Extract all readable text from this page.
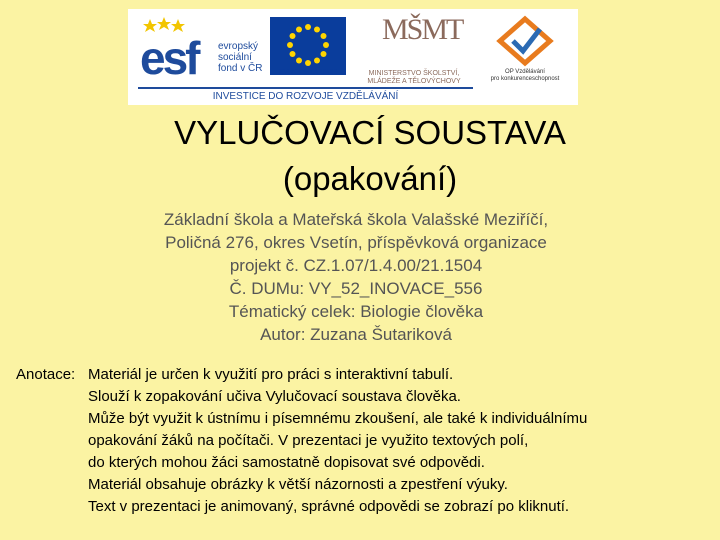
esf evropský
sociální
fond v ČR	EVROPSKÁ UNIE
MŠMT
MINISTERSTVO ŠKOLSTVÍ,
MLÁDEŽE A TĚLOVÝCHOVY
OP Vzdělávání
pro konkurenceschopnost
INVESTICE DO ROZVOJE VZDĚLÁVÁNÍ
VYLUČOVACÍ SOUSTAVA
(opakování)
Základní škola a Mateřská škola Valašské Meziříčí,
Poličná 276, okres Vsetín, příspěvková organizace
projekt č. CZ.1.07/1.4.00/21.1504
Č. DUMu: VY_52_INOVACE_556
Tématický celek: Biologie člověka
Autor: Zuzana Šutariková
Anotace: Materiál je určen k využití pro práci s interaktivní tabulí.
Slouží k zopakování učiva Vylučovací soustava člověka.
Může být využit k ústnímu i písemnému zkoušení, ale také k individuálnímu
opakování žáků na počítači. V prezentaci je využito textových polí,
do kterých mohou žáci samostatně dopisovat své odpovědi.
Materiál obsahuje obrázky k větší názornosti a zpestření výuky.
Text v prezentaci je animovaný, správné odpovědi se zobrazí po kliknutí.
